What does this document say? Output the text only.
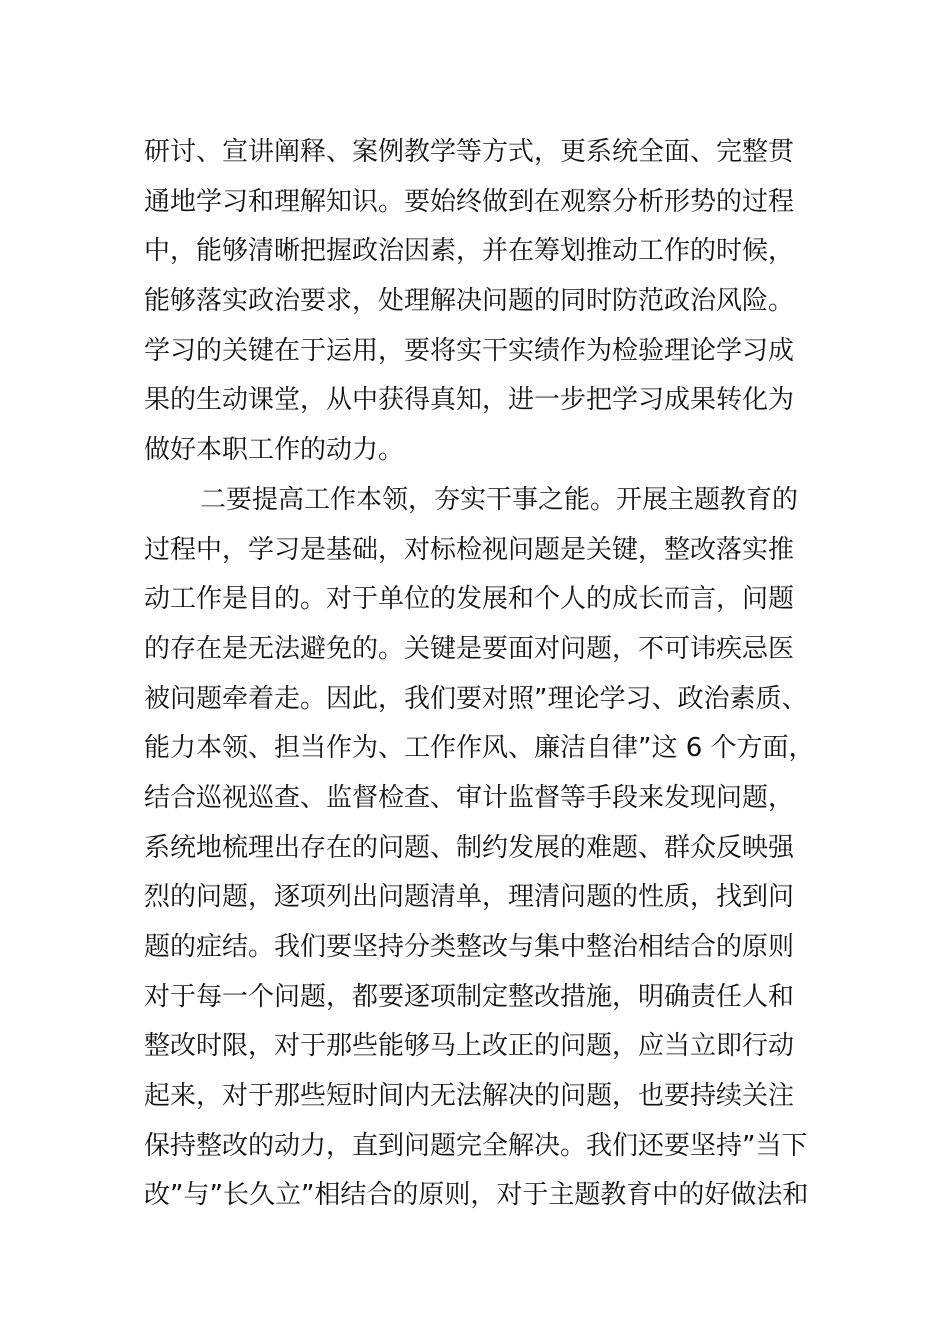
研讨、宣讲阐释、案例教学等方式，更系统全面、完整贯
通地学习和理解知识。要始终做到在观察分析形势的过程
中，能够清晰把握政治因素，并在筹划推动工作的时候，
能够落实政治要求，处理解决问题的同时防范政治风险。
学习的关键在于运用，要将实干实绩作为检验理论学习成
果的生动课堂，从中获得真知，进一步把学习成果转化为
做好本职工作的动力。
二要提高工作本领，夯实干事之能。开展主题教育的
过程中，学习是基础，对标检视问题是关键，整改落实推
动工作是目的。对于单位的发展和个人的成长而言，问题
的存在是无法避免的。关键是要面对问题，不可讳疾忌医
被问题牵着走。因此，我们要对照”理论学习、政治素质、
能力本领、担当作为、工作作风、廉洁自律”这 6 个方面，
结合巡视巡查、监督检查、审计监督等手段来发现问题，
系统地梳理出存在的问题、制约发展的难题、群众反映强
烈的问题，逐项列出问题清单，理清问题的性质，找到问
题的症结。我们要坚持分类整改与集中整治相结合的原则
对于每一个问题，都要逐项制定整改措施，明确责任人和
整改时限，对于那些能够马上改正的问题，应当立即行动
起来，对于那些短时间内无法解决的问题，也要持续关注
保持整改的动力，直到问题完全解决。我们还要坚持”当下
改”与”长久立”相结合的原则，对于主题教育中的好做法和
